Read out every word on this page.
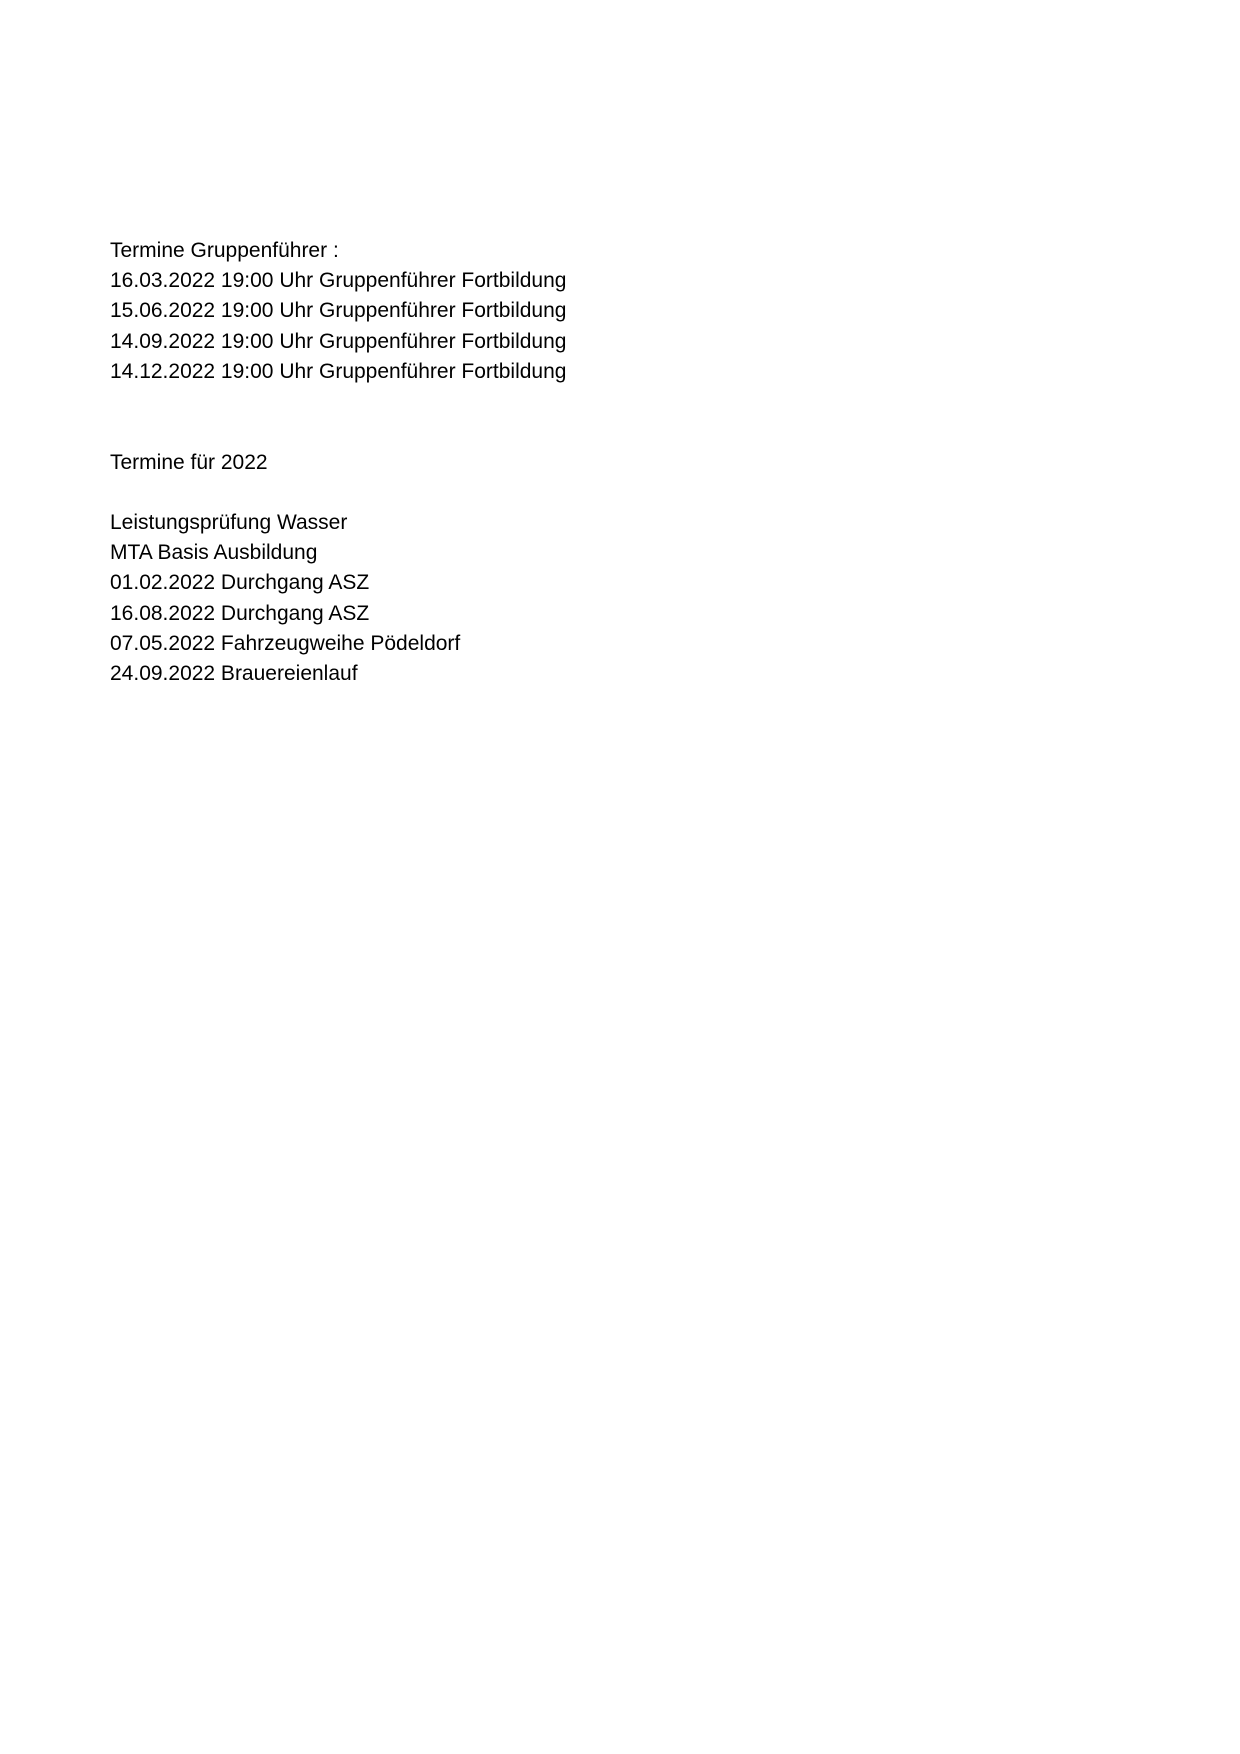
Termine Gruppenführer :

16.03.2022 19:00 Uhr Gruppenführer Fortbildung

15.06.2022 19:00 Uhr Gruppenführer Fortbildung

14.09.2022 19:00 Uhr Gruppenführer Fortbildung

14.12.2022 19:00 Uhr Gruppenführer Fortbildung

Termine für 2022

Leistungsprüfung Wasser

MTA Basis Ausbildung

01.02.2022 Durchgang ASZ

16.08.2022 Durchgang ASZ

07.05.2022 Fahrzeugweihe Pödeldorf

24.09.2022 Brauereienlauf
